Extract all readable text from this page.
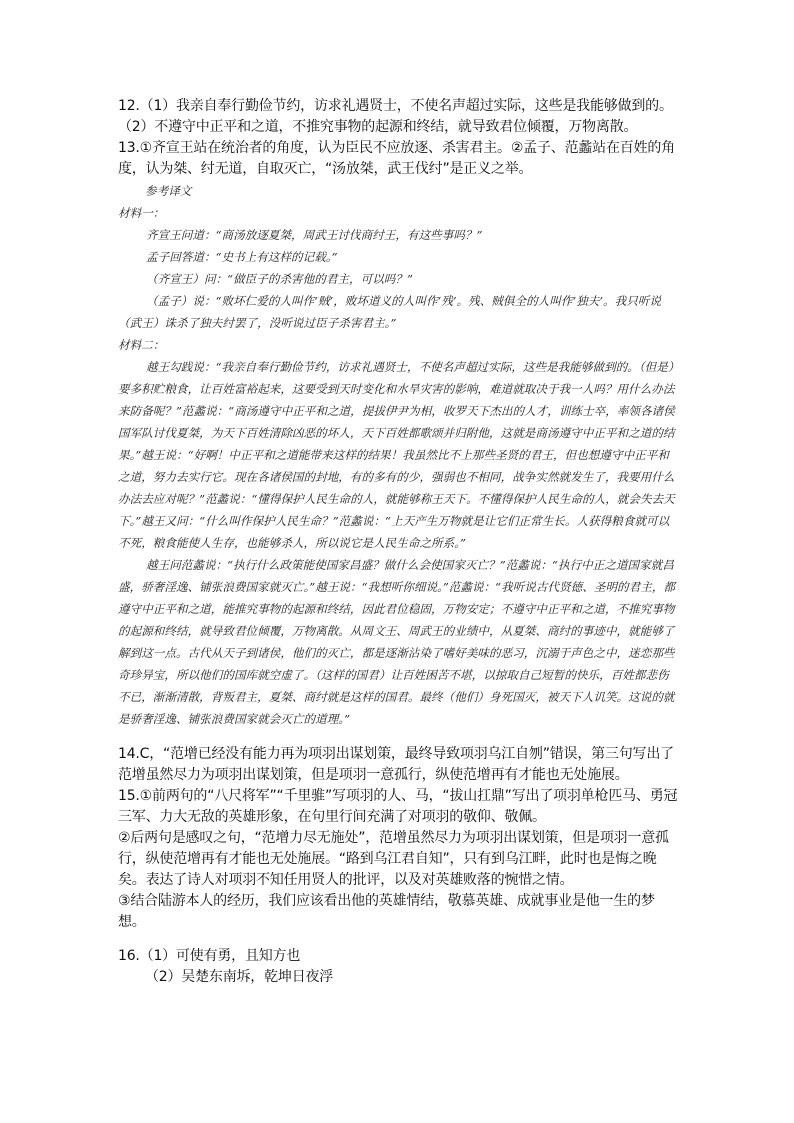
12.（1）我亲自奉行勤俭节约，访求礼遇贤士，不使名声超过实际，这些是我能够做到的。

（2）不遵守中正平和之道，不推究事物的起源和终结，就导致君位倾覆，万物离散。

13.①齐宣王站在统治者的角度，认为臣民不应放逐、杀害君主。②孟子、范蠡站在百姓的角度，认为桀、纣无道，自取灭亡，“汤放桀，武王伐纣”是正义之举。

参考译文

材料一：

齐宣王问道：“商汤放逐夏桀，周武王讨伐商纣王，有这些事吗？”

孟子回答道：“史书上有这样的记载。”

（齐宣王）问：“做臣子的杀害他的君主，可以吗？”

（孟子）说：“败坏仁爱的人叫作‘贼’，败坏道义的人叫作‘残’。残、贼俱全的人叫作‘独夫’。我只听说（武王）诛杀了独夫纣罢了，没听说过臣子杀害君主。”

材料二：

越王勾践说：“我亲自奉行勤俭节约，访求礼遇贤士，不使名声超过实际，这些是我能够做到的。（但是）要多积贮粮食，让百姓富裕起来，这要受到天时变化和水旱灾害的影响，难道就取决于我一人吗？用什么办法来防备呢？”范蠡说：“商汤遵守中正平和之道，提拔伊尹为相，收罗天下杰出的人才，训练士卒，率领各诸侯国军队讨伐夏桀，为天下百姓清除凶恶的坏人，天下百姓都歌颂并归附他，这就是商汤遵守中正平和之道的结果。”越王说：“好啊！中正平和之道能带来这样的结果！我虽然比不上那些圣贤的君王，但也想遵守中正平和之道，努力去实行它。现在各诸侯国的封地，有的多有的少，强弱也不相同，战争实然就发生了，我要用什么办法去应对呢？”范蠡说：“懂得保护人民生命的人，就能够称王天下。不懂得保护人民生命的人，就会失去天下。”越王又问：“什么叫作保护人民生命？”范蠡说：“上天产生万物就是让它们正常生长。人获得粮食就可以不死，粮食能使人生存，也能够杀人，所以说它是人民生命之所系。”

越王问范蠡说：“执行什么政策能使国家昌盛？做什么会使国家灭亡？”范蠡说：“执行中正之道国家就昌盛，骄奢淫逸、铺张浪费国家就灭亡。”越王说：“我想听你细说。”范蠡说：“我听说古代贤德、圣明的君主，都遵守中正平和之道，能推究事物的起源和终结，因此君位稳固，万物安定；不遵守中正平和之道，不推究事物的起源和终结，就导致君位倾覆，万物离散。从周文王、周武王的业绩中，从夏桀、商纣的事迹中，就能够了解到这一点。古代从天子到诸侯，他们的灭亡，都是逐渐沾染了嗜好美味的恶习，沉溺于声色之中，迷恋那些奇珍异宝，所以他们的国库就空虚了。（这样的国君）让百姓困苦不堪，以掠取自己短暂的快乐，百姓都悲伤不已，渐渐清散，背叛君主，夏桀、商纣就是这样的国君。最终（他们）身死国灭，被天下人讥笑。这说的就是骄奢淫逸、铺张浪费国家就会灭亡的道理。”

14.C，“范增已经没有能力再为项羽出谋划策，最终导致项羽乌江自刎”错误，第三句写出了范增虽然尽力为项羽出谋划策，但是项羽一意孤行，纵使范增再有才能也无处施展。

15.①前两句的“八尺将军”“千里骓”写项羽的人、马，“拔山扛鼎”写出了项羽单枪匹马、勇冠三军、力大无敌的英雄形象，在句里行间充满了对项羽的敬仰、敬佩。

②后两句是感叹之句，“范增力尽无施处”，范增虽然尽力为项羽出谋划策，但是项羽一意孤行，纵使范增再有才能也无处施展。“路到乌江君自知”，只有到乌江畔，此时也是悔之晚矣。表达了诗人对项羽不知任用贤人的批评，以及对英雄败落的惋惜之情。

③结合陆游本人的经历，我们应该看出他的英雄情结，敬慕英雄、成就事业是他一生的梦想。

16.（1）可使有勇，且知方也

（2）吴楚东南坼，乾坤日夜浮
